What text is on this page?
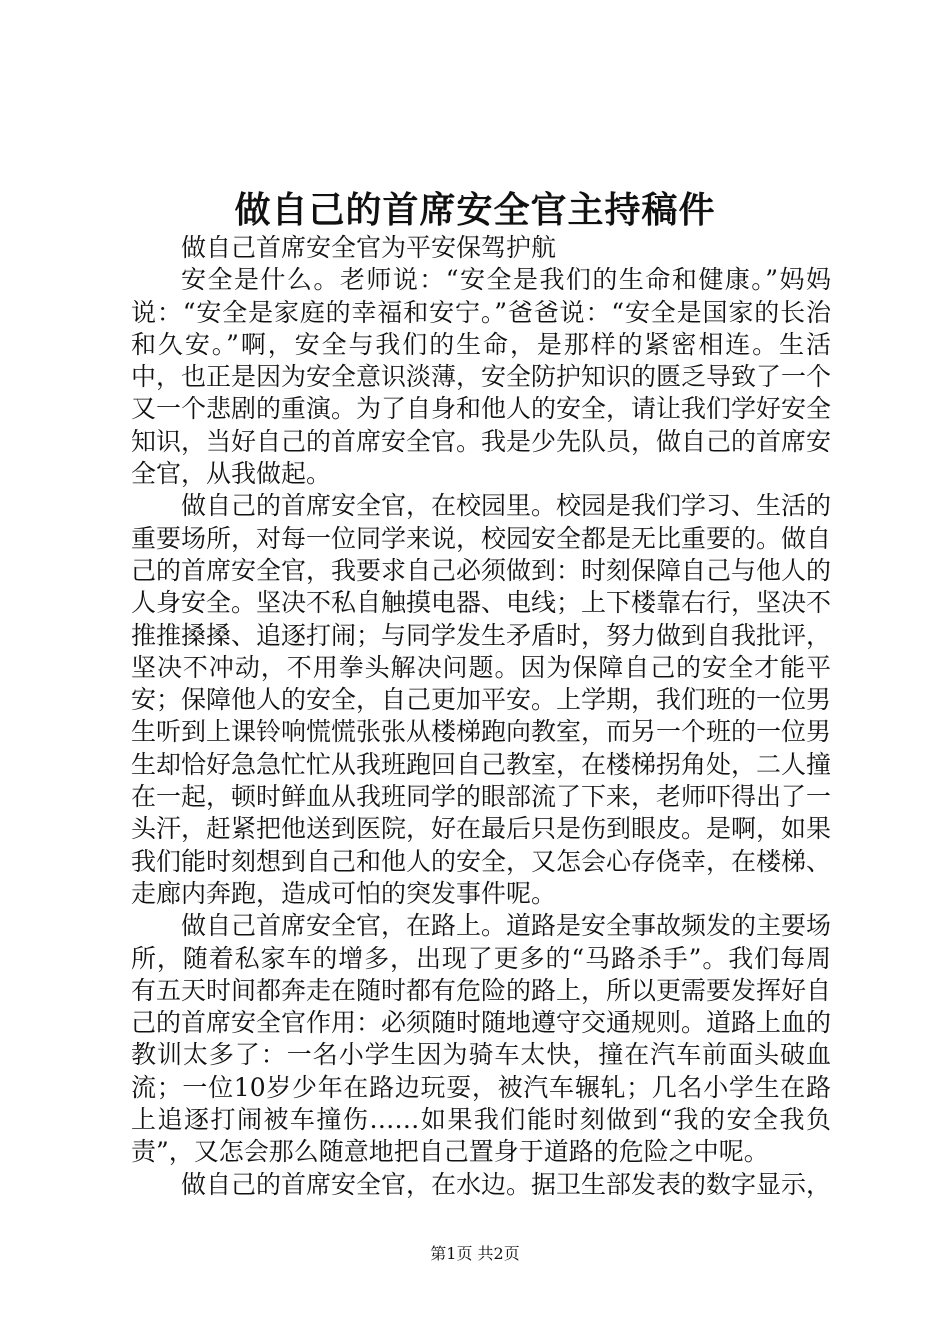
做自己的首席安全官主持稿件

做自己首席安全官为平安保驾护航

安全是什么。老师说：“安全是我们的生命和健康。”妈妈说：“安全是家庭的幸福和安宁。”爸爸说：“安全是国家的长治和久安。”啊，安全与我们的生命，是那样的紧密相连。生活中，也正是因为安全意识淡薄，安全防护知识的匮乏导致了一个又一个悲剧的重演。为了自身和他人的安全，请让我们学好安全知识，当好自己的首席安全官。我是少先队员，做自己的首席安全官，从我做起。

做自己的首席安全官，在校园里。校园是我们学习、生活的重要场所，对每一位同学来说，校园安全都是无比重要的。做自己的首席安全官，我要求自己必须做到：时刻保障自己与他人的人身安全。坚决不私自触摸电器、电线；上下楼靠右行，坚决不推推搡搡、追逐打闹；与同学发生矛盾时，努力做到自我批评，坚决不冲动，不用拳头解决问题。因为保障自己的安全才能平安；保障他人的安全，自己更加平安。上学期，我们班的一位男生听到上课铃响慌慌张张从楼梯跑向教室，而另一个班的一位男生却恰好急急忙忙从我班跑回自己教室，在楼梯拐角处，二人撞在一起，顿时鲜血从我班同学的眼部流了下来，老师吓得出了一头汗，赶紧把他送到医院，好在最后只是伤到眼皮。是啊，如果我们能时刻想到自己和他人的安全，又怎会心存侥幸，在楼梯、走廊内奔跑，造成可怕的突发事件呢。

做自己首席安全官，在路上。道路是安全事故频发的主要场所，随着私家车的增多，出现了更多的“马路杀手”。我们每周有五天时间都奔走在随时都有危险的路上，所以更需要发挥好自己的首席安全官作用：必须随时随地遵守交通规则。道路上血的教训太多了：一名小学生因为骑车太快，撞在汽车前面头破血流；一位10岁少年在路边玩耍，被汽车辗轧；几名小学生在路上追逐打闹被车撞伤……如果我们能时刻做到“我的安全我负责”，又怎会那么随意地把自己置身于道路的危险之中呢。

做自己的首席安全官，在水边。据卫生部发表的数字显示，

第1页 共2页
